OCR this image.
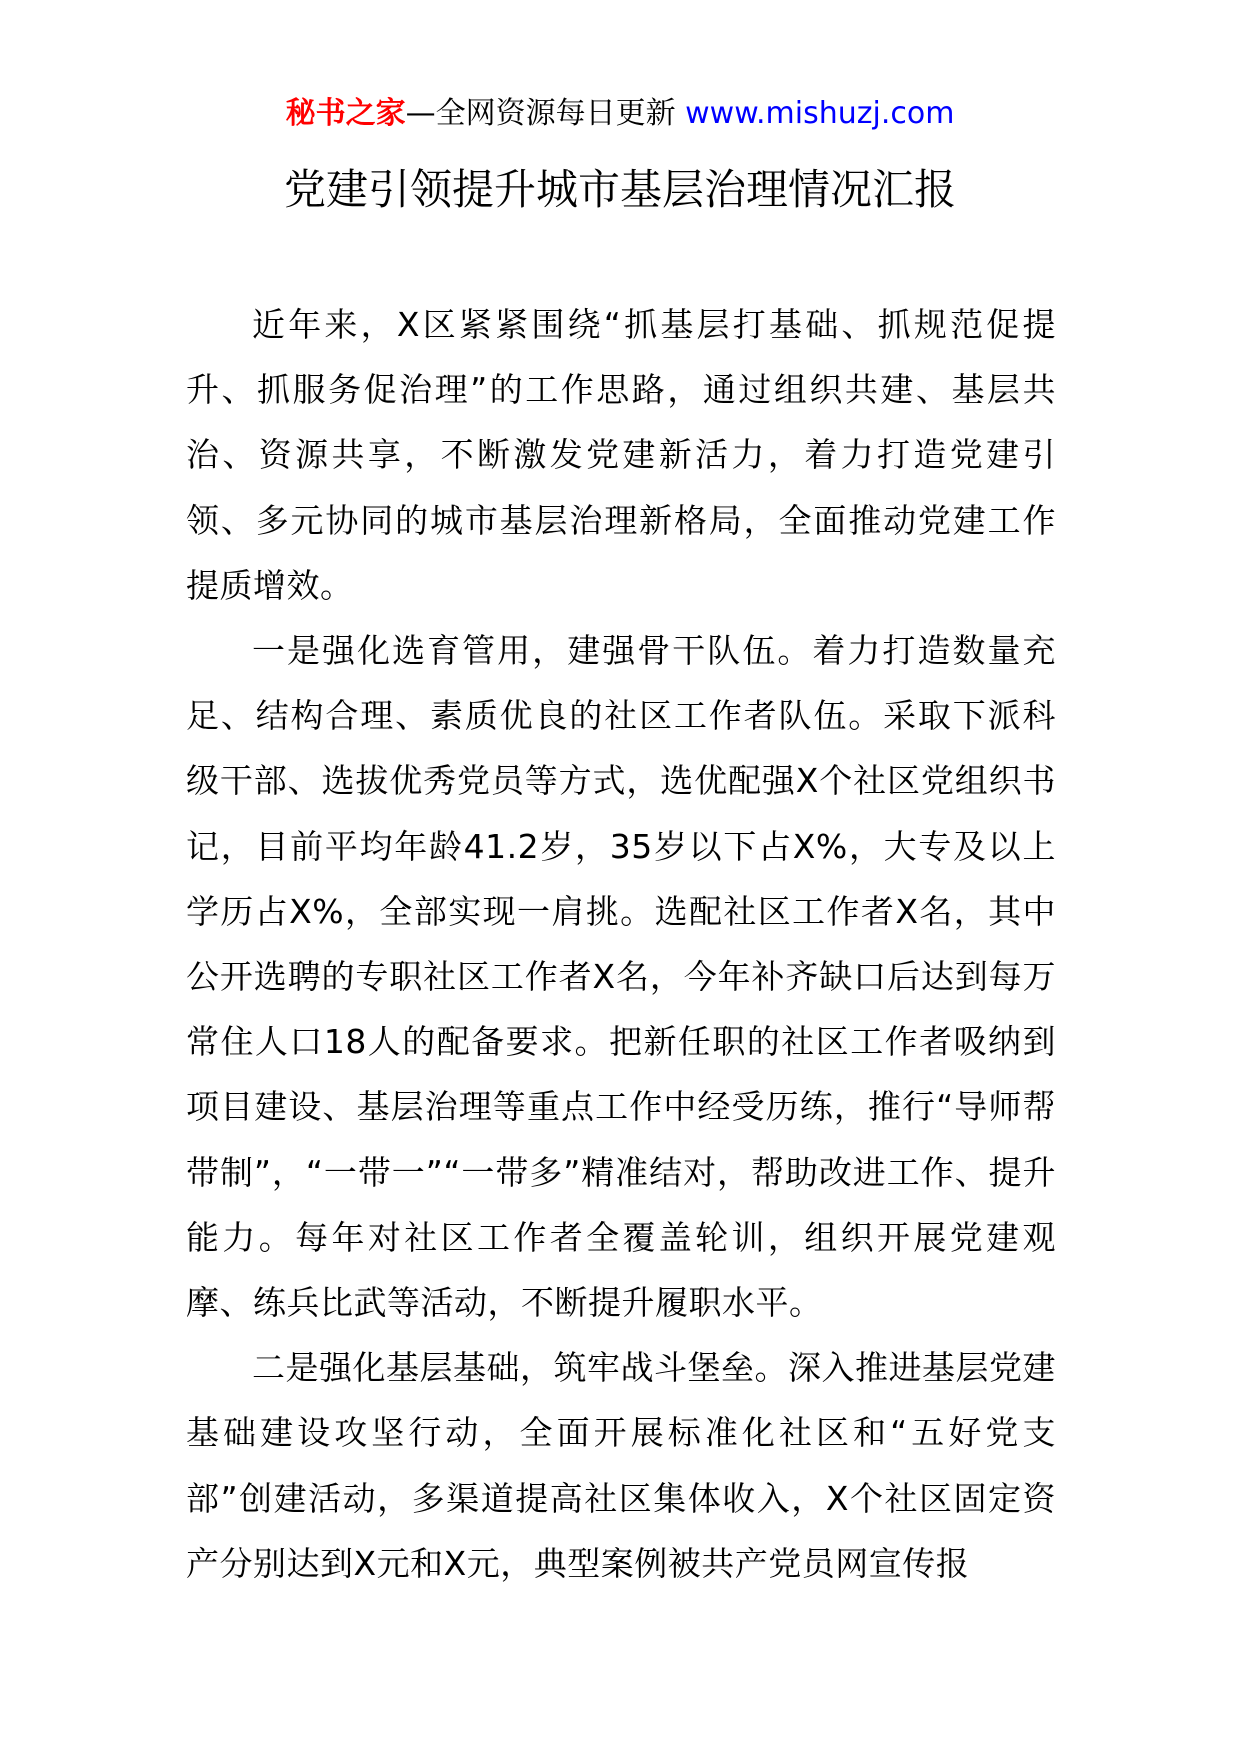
秘书之家—全网资源每日更新 www.mishuzj.com
党建引领提升城市基层治理情况汇报

近年来，X区紧紧围绕“抓基层打基础、抓规范促提升、抓服务促治理”的工作思路，通过组织共建、基层共治、资源共享，不断激发党建新活力，着力打造党建引领、多元协同的城市基层治理新格局，全面推动党建工作提质增效。

一是强化选育管用，建强骨干队伍。着力打造数量充足、结构合理、素质优良的社区工作者队伍。采取下派科级干部、选拔优秀党员等方式，选优配强X个社区党组织书记，目前平均年龄41.2岁，35岁以下占X%，大专及以上学历占X%，全部实现一肩挑。选配社区工作者X名，其中公开选聘的专职社区工作者X名，今年补齐缺口后达到每万常住人口18人的配备要求。把新任职的社区工作者吸纳到项目建设、基层治理等重点工作中经受历练，推行“导师帮带制”，“一带一”“一带多”精准结对，帮助改进工作、提升能力。每年对社区工作者全覆盖轮训，组织开展党建观摩、练兵比武等活动，不断提升履职水平。

二是强化基层基础，筑牢战斗堡垒。深入推进基层党建基础建设攻坚行动，全面开展标准化社区和“五好党支部”创建活动，多渠道提高社区集体收入，X个社区固定资产分别达到X元和X元，典型案例被共产党员网宣传报
